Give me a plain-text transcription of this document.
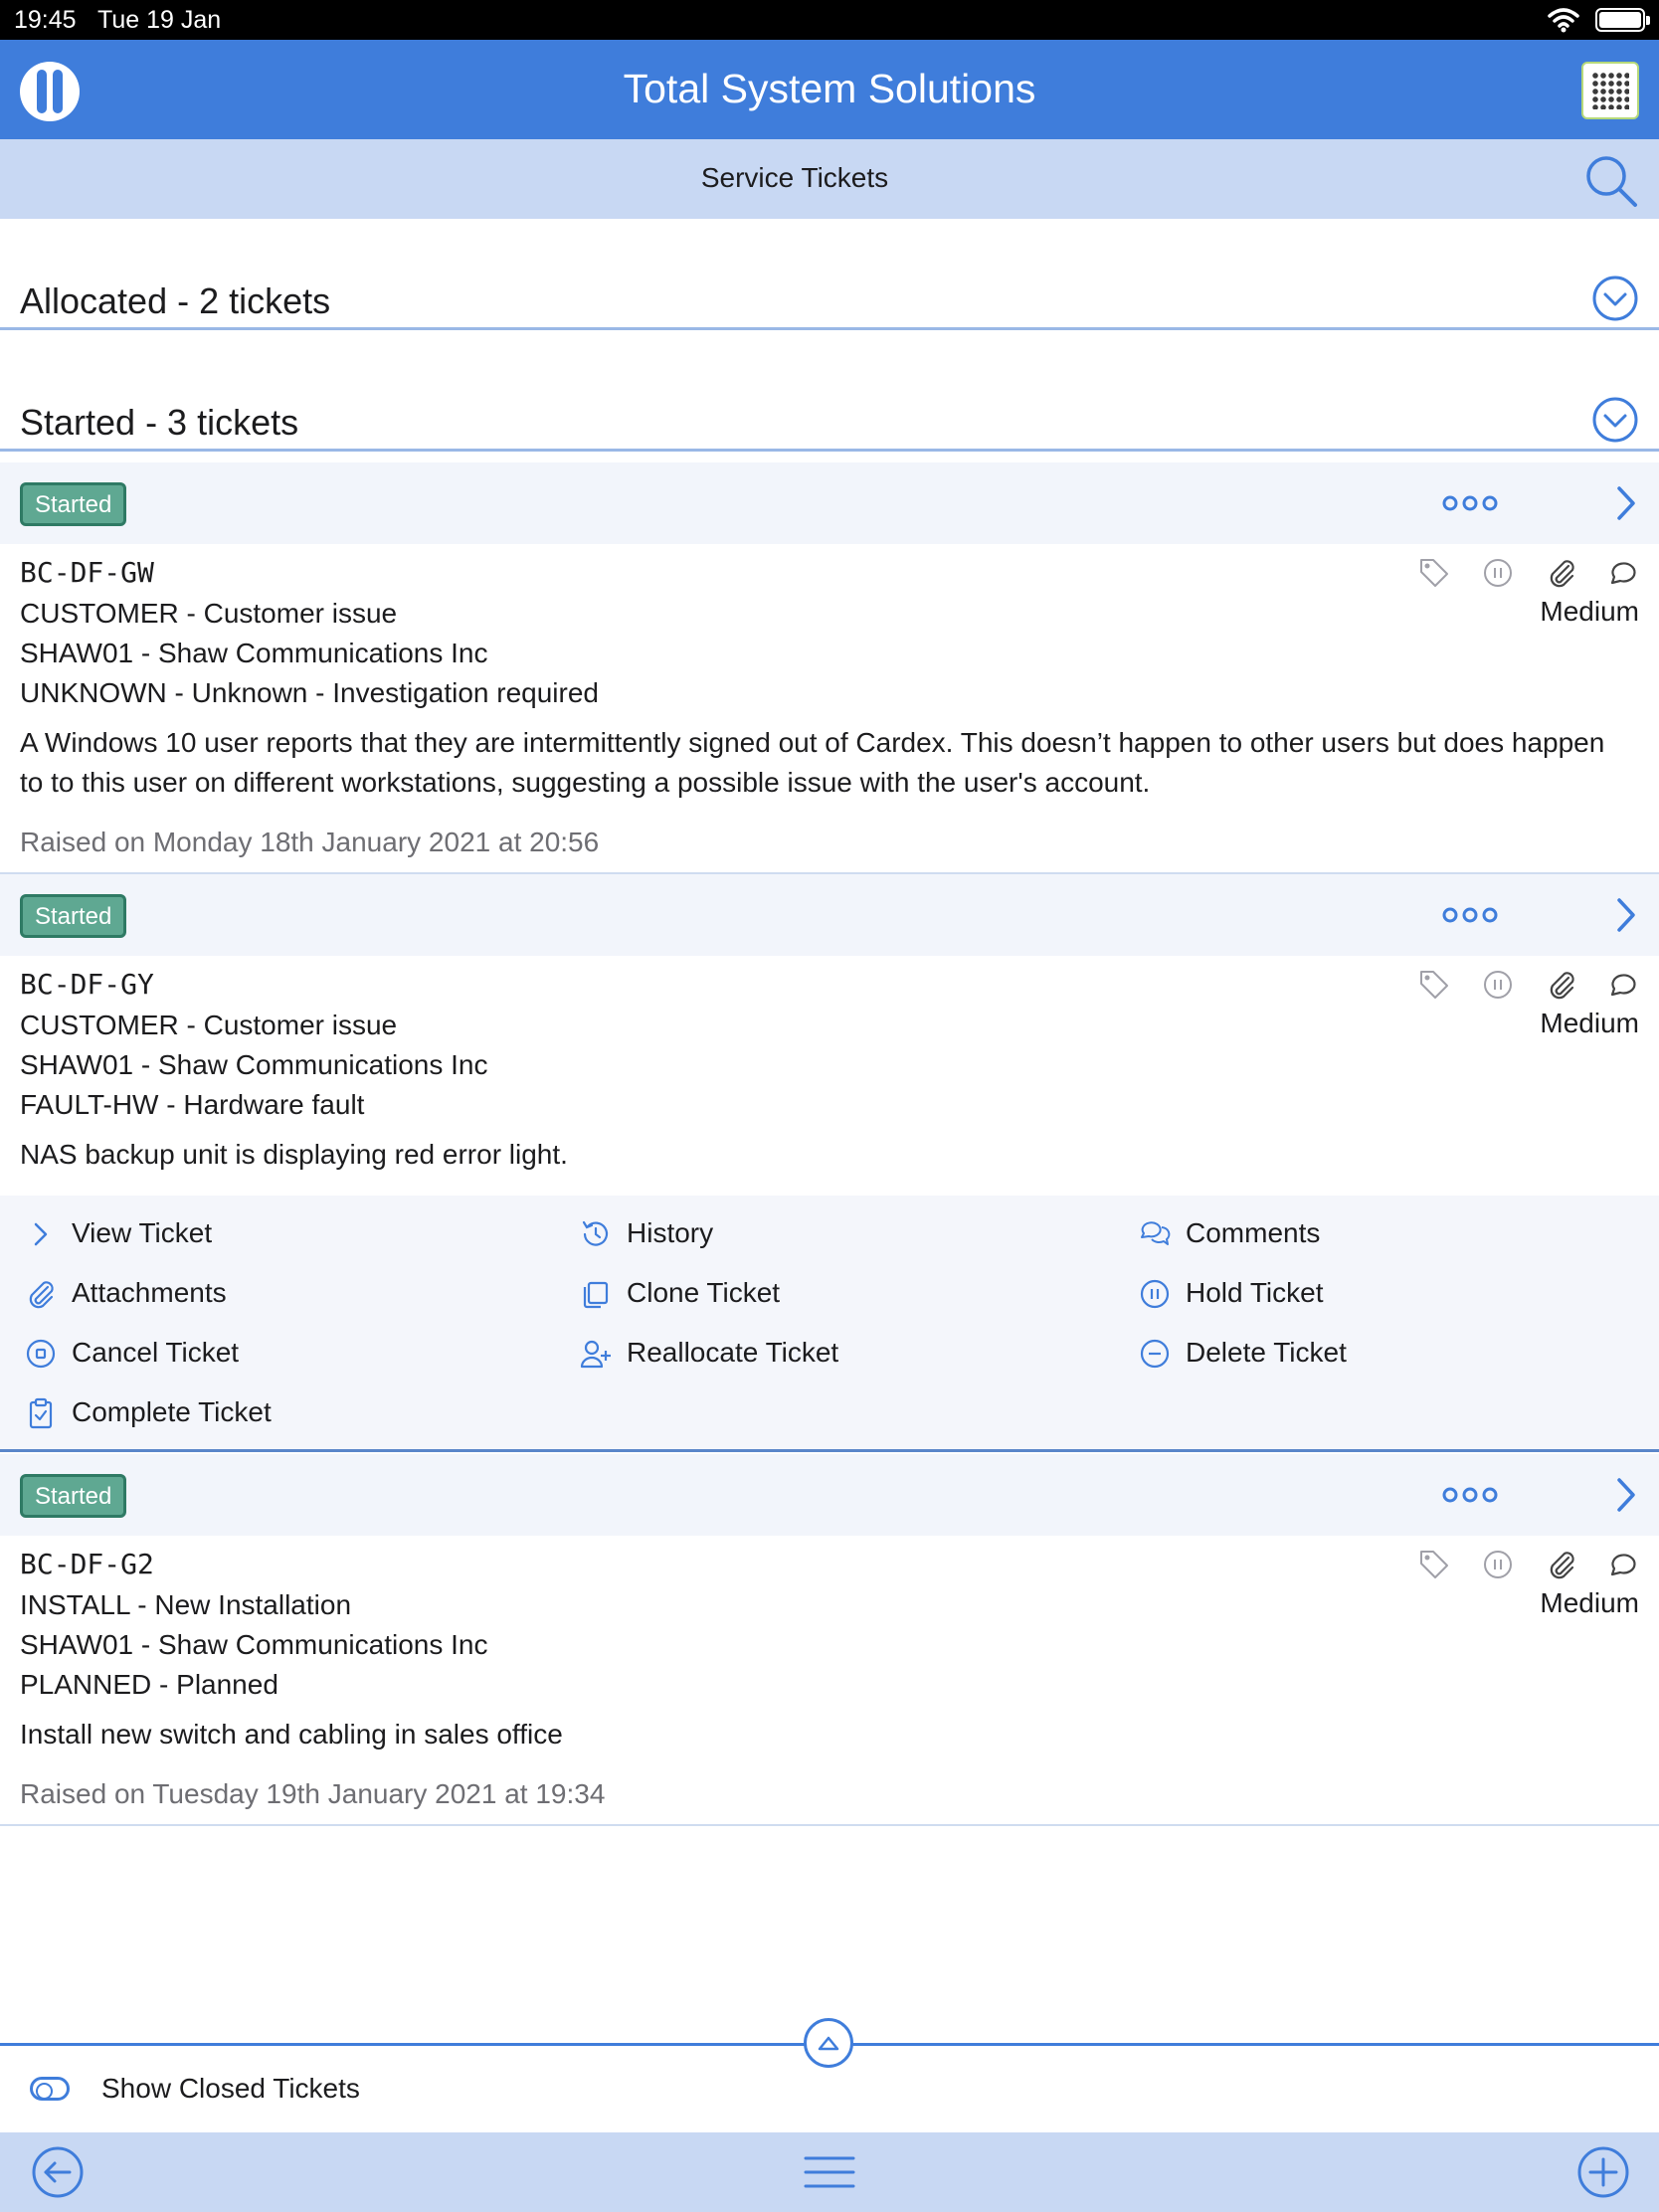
19:45 Tue 19 Jan
Total System Solutions
Service Tickets
Allocated - 2 tickets
Started - 3 tickets
Started
BC-DF-GW
CUSTOMER - Customer issue
SHAW01 - Shaw Communications Inc
UNKNOWN - Unknown - Investigation required
A Windows 10 user reports that they are intermittently signed out of Cardex. This doesn’t happen to other users but does happen to to this user on different workstations, suggesting a possible issue with the user's account.
Raised on Monday 18th January 2021 at 20:56
Medium
Started
BC-DF-GY
CUSTOMER - Customer issue
SHAW01 - Shaw Communications Inc
FAULT-HW - Hardware fault
NAS backup unit is displaying red error light.
Medium
View Ticket	History	Comments
Attachments	Clone Ticket	Hold Ticket
Cancel Ticket	Reallocate Ticket	Delete Ticket
Complete Ticket
Started
BC-DF-G2
INSTALL - New Installation
SHAW01 - Shaw Communications Inc
PLANNED - Planned
Install new switch and cabling in sales office
Raised on Tuesday 19th January 2021 at 19:34
Medium
Show Closed Tickets
